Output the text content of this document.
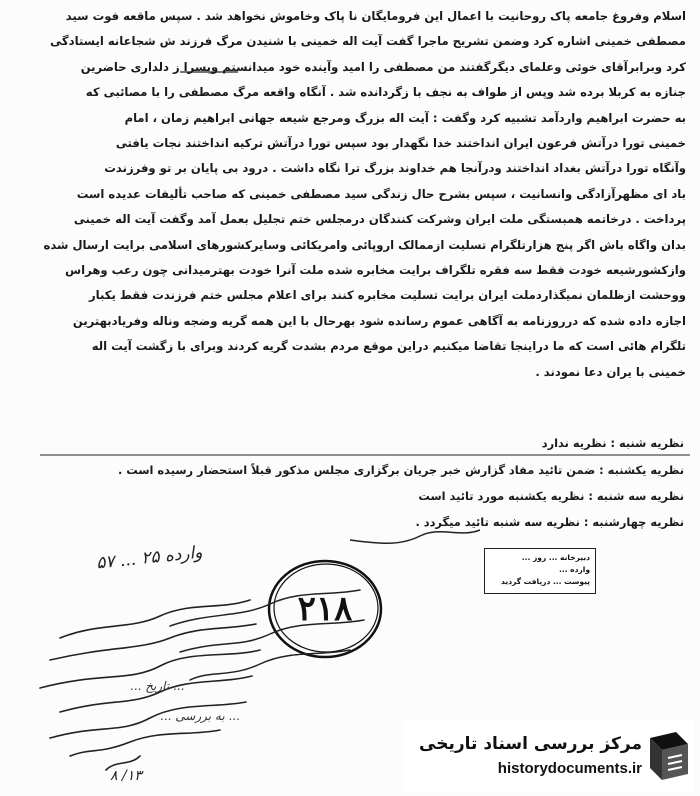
اسلام وفروغ جامعه پاک روحانیت با اعمال این فرومایگان نا پاک وخاموش نخواهد شد . سپس ماقعه فوت سید
مصطفی خمینی اشاره کرد وضمن تشریح ماجرا گفت آیت اله خمینی با شنیدن مرگ فرزند ش شجاعانه ایستادگی
کرد وبرابرآقای خوئی وعلمای دیگرگفتند من مصطفی را امید وآینده خود میدانستم وپسرا ز دلداری حاضرین
جنازه به کربلا برده شد وپس از طواف به نجف با زگردانده شد . آنگاه واقعه مرگ مصطفی را با مصائبی که
به حضرت ابراهیم واردآمد تشبیه کرد وگفت : آیت اله بزرگ ومرجع شیعه جهانی ابراهیم زمان ، امام
خمینی تورا درآتش فرعون ایران انداختند خدا نگهدار بود سپس تورا درآتش ترکیه انداختند نجات یافتی
وآنگاه تورا درآتش بغداد انداختند ودرآنجا هم خداوند بزرگ ترا نگاه داشت . درود بی پایان بر تو وفرزندت
باد ای مظهرآزادگی وانسانیت ، سپس بشرح حال زندگی سید مصطفی خمینی که صاحب تألیفات عدیده است
پرداخت . درخاتمه همبستگی ملت ایران وشرکت کنندگان درمجلس ختم تجلیل بعمل آمد وگفت آیت اله خمینی
بدان واگاه باش اگر پنج هزارتلگرام تسلیت ازممالک اروپائی وامریکائی وسایرکشورهای اسلامی برایت ارسال شده
وازکشورشیعه خودت فقط سه فقره تلگراف برایت مخابره شده ملت آنرا خودت بهترمیدانی چون رعب وهراس
ووحشت ازظلمان نمیگذاردملت ایران برایت تسلیت مخابره کنند برای اعلام مجلس ختم فرزندت فقط یکبار
اجازه داده شده که درروزنامه به آگاهی عموم رسانده شود بهرحال با این همه گریه وضجه وناله وفریادبهترین
تلگرام هائی است که ما دراینجا تقاضا میکنیم دراین موقع مردم بشدت گریه کردند وبرای با زگشت آیت اله
خمینی با یران دعا نمودند .
نظریه شنبه : نظریه ندارد
نظریه یکشنبه : ضمن تائید مفاد گزارش خبر جریان برگزاری مجلس مذکور قبلاً استحضار رسیده است .
نظریه سه شنبه : نظریه یکشنبه مورد تائید است
نظریه چهارشنبه : نظریه سه شنبه تائید میگردد .
دبیرخانه ... روز ...
وارده ...
پیوست ... دریافت گردید
۲۱۸
وارده ۲۵ ... ۵۷
... به بررسی ...
... تاریخ ...
۱۳/ ۸
مرکز بررسی اسناد تاریخی
historydocuments.ir
